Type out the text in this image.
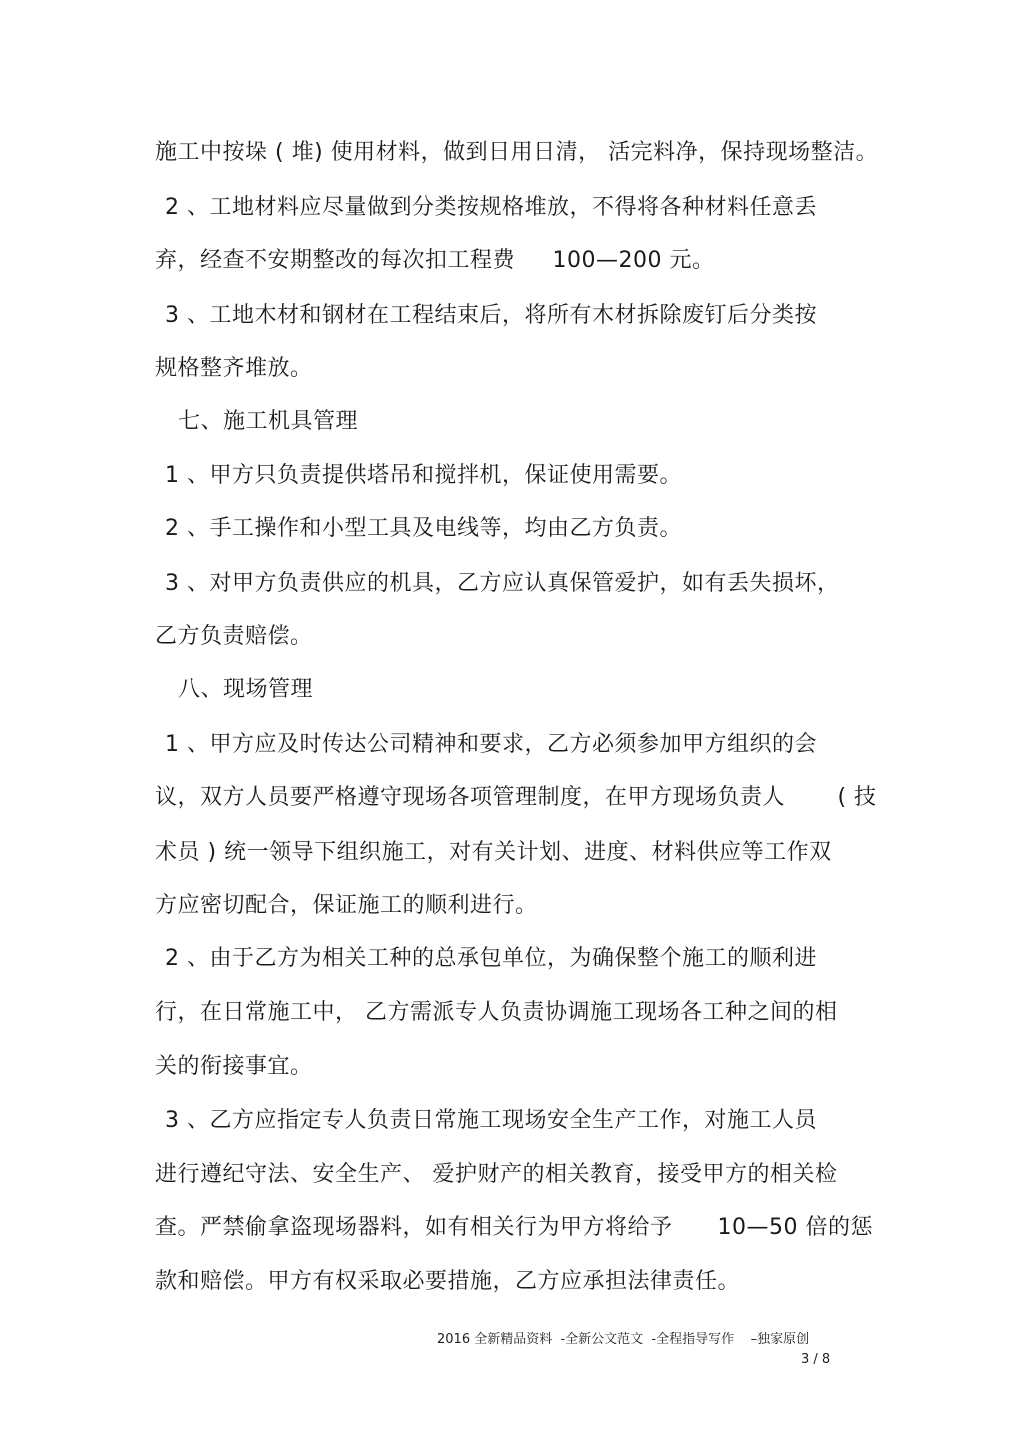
施工中按垛 ( 堆) 使用材料，做到日用日清， 活完料净，保持现场整洁。
2 、工地材料应尽量做到分类按规格堆放，不得将各种材料任意丢
弃，经查不安期整改的每次扣工程费     100—200 元。
3 、工地木材和钢材在工程结束后，将所有木材拆除废钉后分类按
规格整齐堆放。
七、施工机具管理
1 、甲方只负责提供塔吊和搅拌机，保证使用需要。
2 、手工操作和小型工具及电线等，均由乙方负责。
3 、对甲方负责供应的机具，乙方应认真保管爱护，如有丢失损坏，
乙方负责赔偿。
八、现场管理
1 、甲方应及时传达公司精神和要求，乙方必须参加甲方组织的会
议，双方人员要严格遵守现场各项管理制度，在甲方现场负责人       ( 技
术员 ) 统一领导下组织施工，对有关计划、进度、材料供应等工作双
方应密切配合，保证施工的顺利进行。
2 、由于乙方为相关工种的总承包单位，为确保整个施工的顺利进
行，在日常施工中， 乙方需派专人负责协调施工现场各工种之间的相
关的衔接事宜。
3 、乙方应指定专人负责日常施工现场安全生产工作，对施工人员
进行遵纪守法、安全生产、 爱护财产的相关教育，接受甲方的相关检
查。严禁偷拿盗现场器料，如有相关行为甲方将给予      10—50 倍的惩
款和赔偿。甲方有权采取必要措施，乙方应承担法律责任。
2016 全新精品资料  -全新公文范文  -全程指导写作    –独家原创
3 / 8
